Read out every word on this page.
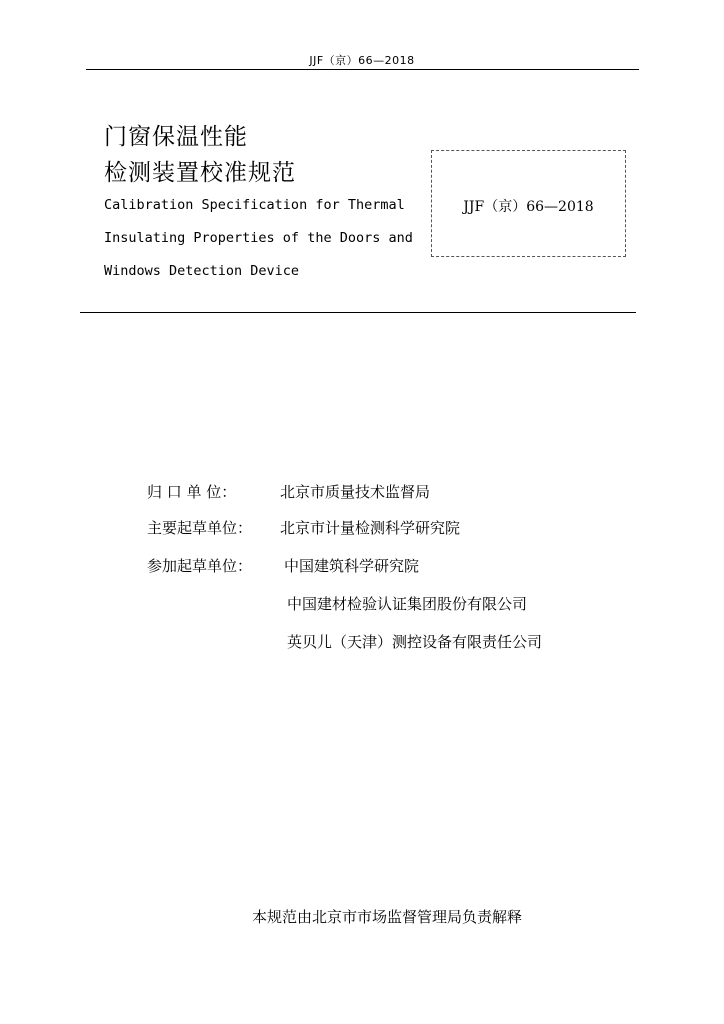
JJF（京）66—2018
门窗保温性能
检测装置校准规范
Calibration Specification for Thermal
Insulating Properties of the Doors and
Windows Detection Device
JJF（京）66—2018
归 口 单 位：	北京市质量技术监督局
主要起草单位： 北京市计量检测科学研究院
参加起草单位： 中国建筑科学研究院
中国建材检验认证集团股份有限公司
英贝儿（天津）测控设备有限责任公司
本规范由北京市市场监督管理局负责解释
